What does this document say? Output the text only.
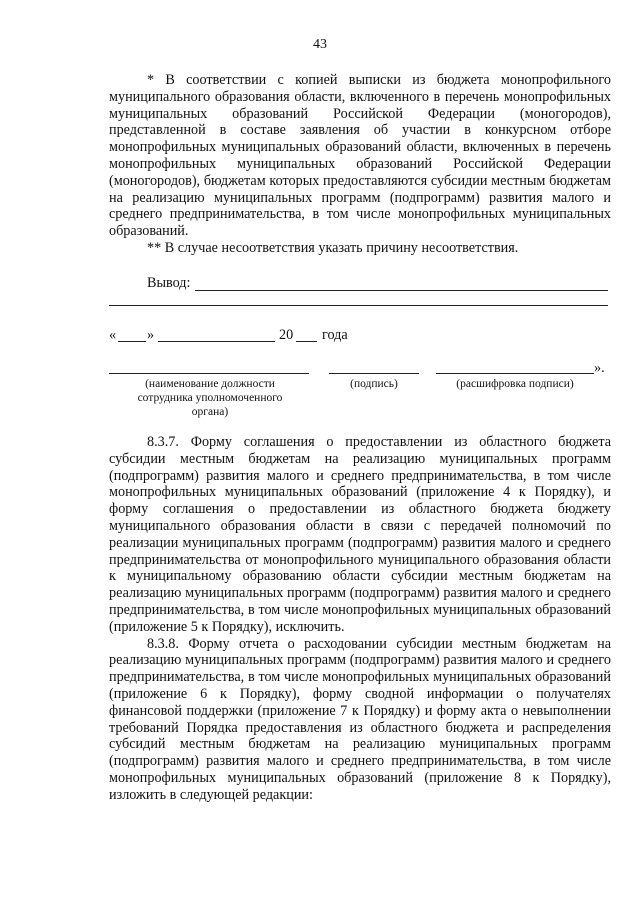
43

* В соответствии с копией выписки из бюджета монопрофильного муниципального образования области, включенного в перечень монопрофильных муниципальных образований Российской Федерации (моногородов), представленной в составе заявления об участии в конкурсном отборе монопрофильных муниципальных образований области, включенных в перечень монопрофильных муниципальных образований Российской Федерации (моногородов), бюджетам которых предоставляются субсидии местным бюджетам на реализацию муниципальных программ (подпрограмм) развития малого и среднего предпринимательства, в том числе монопрофильных муниципальных образований.

** В случае несоответствия указать причину несоответствия.

Вывод:
« »	20 года
».
(наименование должности сотрудника уполномоченного органа)
(подпись)	(расшифровка подписи)

8.3.7. Форму соглашения о предоставлении из областного бюджета субсидии местным бюджетам на реализацию муниципальных программ (подпрограмм) развития малого и среднего предпринимательства, в том числе монопрофильных муниципальных образований (приложение 4 к Порядку), и форму соглашения о предоставлении из областного бюджета бюджету муниципального образования области в связи с передачей полномочий по реализации муниципальных программ (подпрограмм) развития малого и среднего предпринимательства от монопрофильного муниципального образования области к муниципальному образованию области субсидии местным бюджетам на реализацию муниципальных программ (подпрограмм) развития малого и среднего предпринимательства, в том числе монопрофильных муниципальных образований (приложение 5 к Порядку), исключить.

8.3.8. Форму отчета о расходовании субсидии местным бюджетам на реализацию муниципальных программ (подпрограмм) развития малого и среднего предпринимательства, в том числе монопрофильных муниципальных образований (приложение 6 к Порядку), форму сводной информации о получателях финансовой поддержки (приложение 7 к Порядку) и форму акта о невыполнении требований Порядка предоставления из областного бюджета и распределения субсидий местным бюджетам на реализацию муниципальных программ (подпрограмм) развития малого и среднего предпринимательства, в том числе монопрофильных муниципальных образований (приложение 8 к Порядку), изложить в следующей редакции:
